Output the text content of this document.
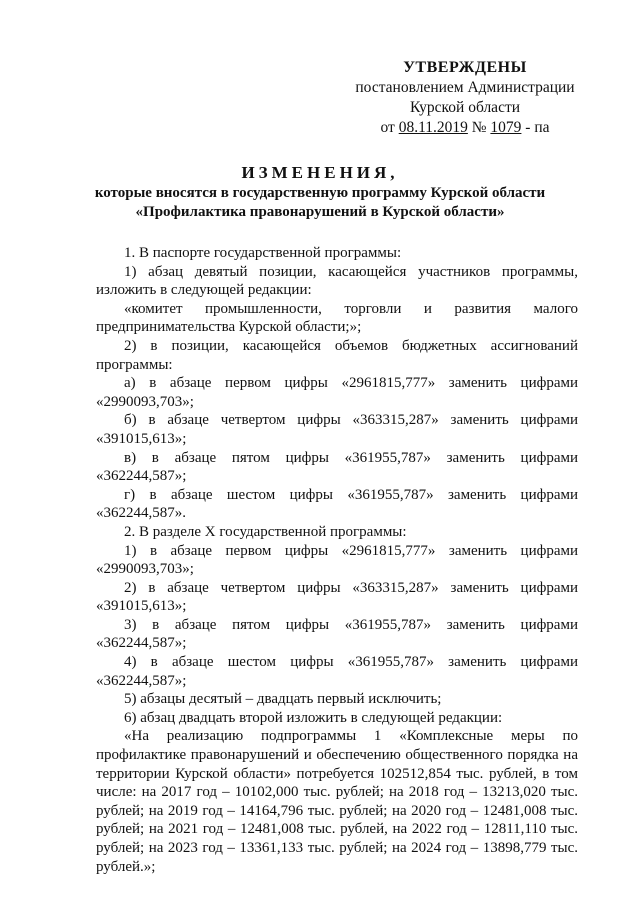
УТВЕРЖДЕНЫ
постановлением Администрации
Курской области
от 08.11.2019 № 1079 - па
ИЗМЕНЕНИЯ,
которые вносятся в государственную программу Курской области
«Профилактика правонарушений в Курской области»

1. В паспорте государственной программы:

1) абзац девятый позиции, касающейся участников программы, изложить в следующей редакции:

«комитет промышленности, торговли и развития малого предпринимательства Курской области;»;

2) в позиции, касающейся объемов бюджетных ассигнований программы:

а) в абзаце первом цифры «2961815,777» заменить цифрами «2990093,703»;

б) в абзаце четвертом цифры «363315,287» заменить цифрами «391015,613»;

в) в абзаце пятом цифры «361955,787» заменить цифрами «362244,587»;

г) в абзаце шестом цифры «361955,787» заменить цифрами «362244,587».

2. В разделе X государственной программы:

1) в абзаце первом цифры «2961815,777» заменить цифрами «2990093,703»;

2) в абзаце четвертом цифры «363315,287» заменить цифрами «391015,613»;

3) в абзаце пятом цифры «361955,787» заменить цифрами «362244,587»;

4) в абзаце шестом цифры «361955,787» заменить цифрами «362244,587»;

5) абзацы десятый – двадцать первый исключить;

6) абзац двадцать второй изложить в следующей редакции:

«На реализацию подпрограммы 1 «Комплексные меры по профилактике правонарушений и обеспечению общественного порядка на территории Курской области» потребуется 102512,854 тыс. рублей, в том числе: на 2017 год – 10102,000 тыс. рублей; на 2018 год – 13213,020 тыс. рублей; на 2019 год – 14164,796 тыс. рублей; на 2020 год – 12481,008 тыс. рублей; на 2021 год – 12481,008 тыс. рублей, на 2022 год – 12811,110 тыс. рублей; на 2023 год – 13361,133 тыс. рублей; на 2024 год – 13898,779 тыс. рублей.»;
